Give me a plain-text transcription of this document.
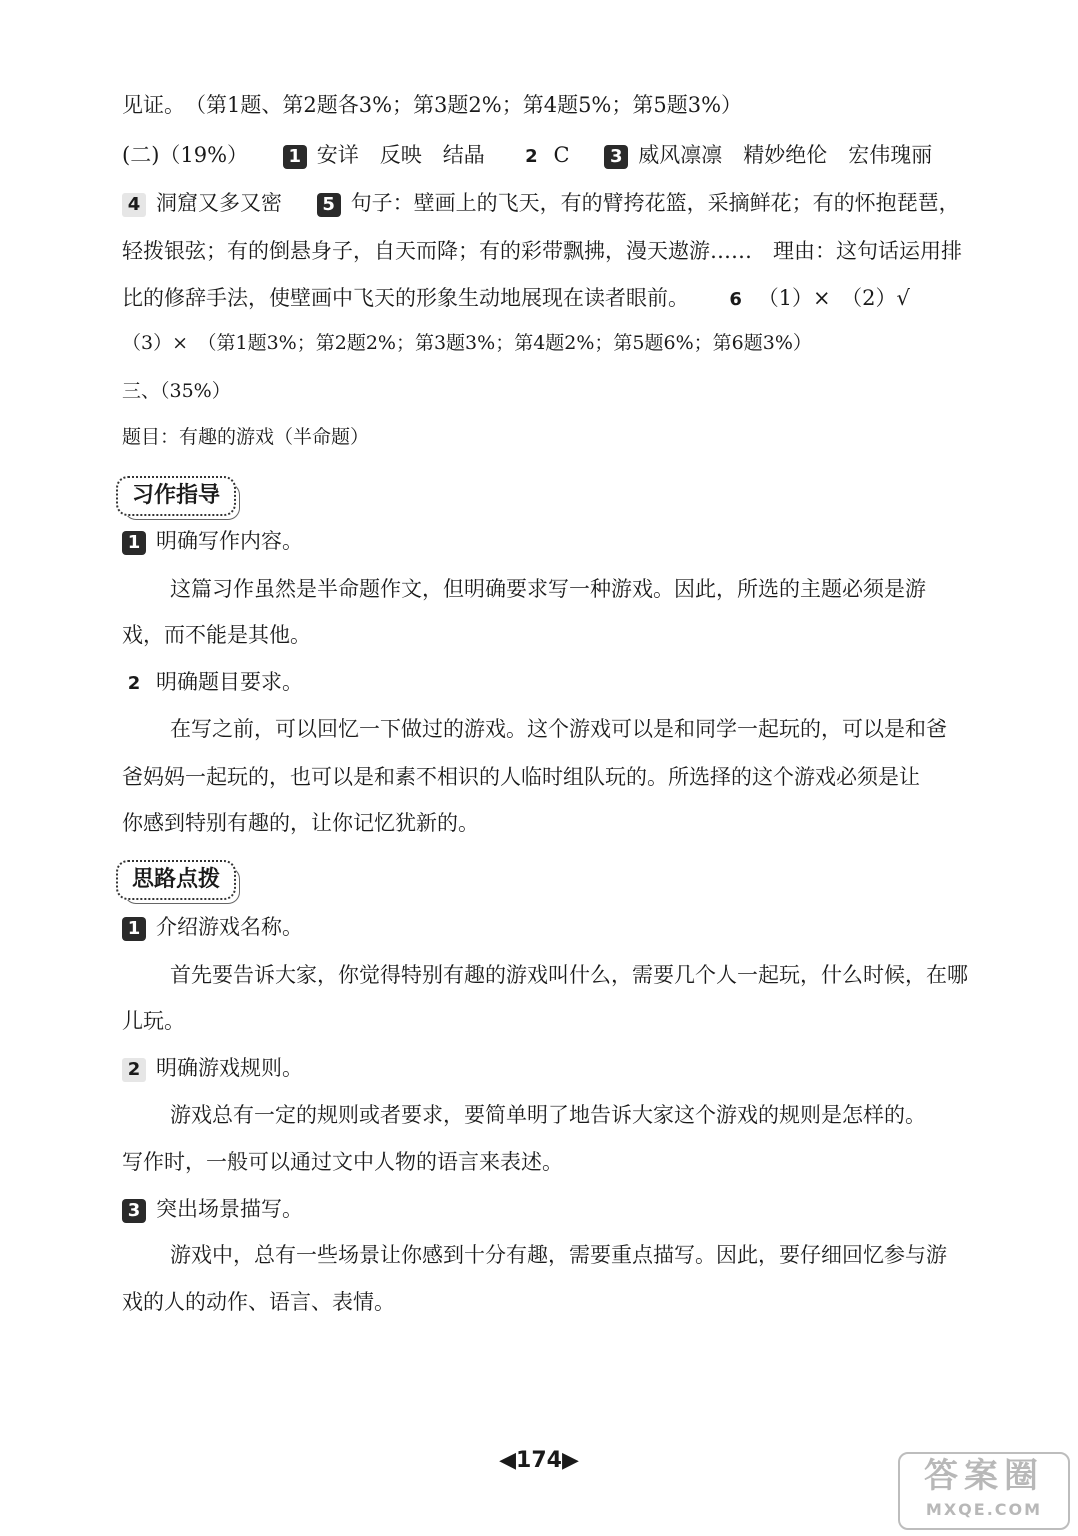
见证。　（第1题、第2题各3%；第3题2%；第4题5%；第5题3%）
(二)（19%） 1 安详　反映　结晶 2 C 3 威风凛凛　精妙绝伦　宏伟瑰丽
4 洞窟又多又密 5 句子：壁画上的飞天，有的臂挎花篮，采摘鲜花；有的怀抱琵琶，
轻拨银弦；有的倒悬身子，自天而降；有的彩带飘拂，漫天遨游……　理由：这句话运用排
比的修辞手法，使壁画中飞天的形象生动地展现在读者眼前。 6 （1）×　（2）√
（3）×　（第1题3%；第2题2%；第3题3%；第4题2%；第5题6%；第6题3%）
三、（35%）
题目：有趣的游戏（半命题）
习作指导
1 明确写作内容。
这篇习作虽然是半命题作文，但明确要求写一种游戏。因此，所选的主题必须是游
戏，而不能是其他。
2 明确题目要求。
在写之前，可以回忆一下做过的游戏。这个游戏可以是和同学一起玩的，可以是和爸
爸妈妈一起玩的，也可以是和素不相识的人临时组队玩的。所选择的这个游戏必须是让
你感到特别有趣的，让你记忆犹新的。
思路点拨
1 介绍游戏名称。
首先要告诉大家，你觉得特别有趣的游戏叫什么，需要几个人一起玩，什么时候，在哪
儿玩。
2 明确游戏规则。
游戏总有一定的规则或者要求，要简单明了地告诉大家这个游戏的规则是怎样的。
写作时，一般可以通过文中人物的语言来表述。
3 突出场景描写。
游戏中，总有一些场景让你感到十分有趣，需要重点描写。因此，要仔细回忆参与游
戏的人的动作、语言、表情。
◀174▶	答案圈
MXQE.COM
